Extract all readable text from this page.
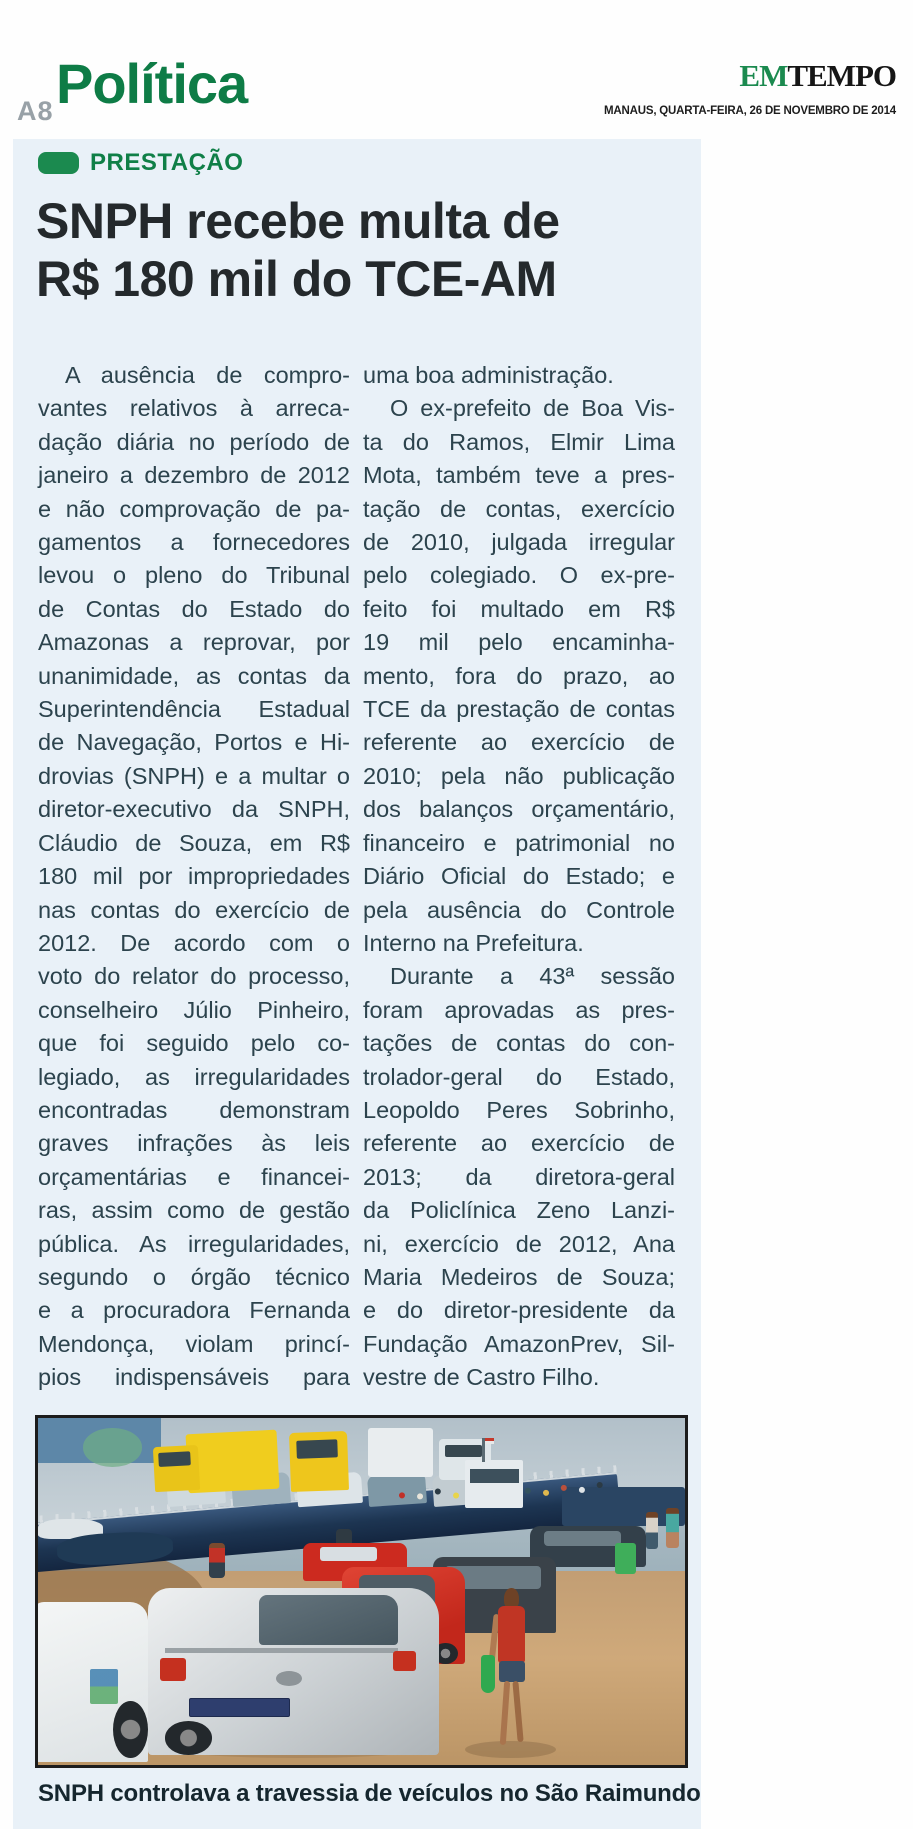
A8 Política	EMTEMPO
MANAUS, QUARTA-FEIRA, 26 DE NOVEMBRO DE 2014
PRESTAÇÃO
SNPH recebe multa de
R$ 180 mil do TCE-AM
A ausência de compro-
vantes relativos à arreca-
dação diária no período de
janeiro a dezembro de 2012
e não comprovação de pa-
gamentos a fornecedores
levou o pleno do Tribunal
de Contas do Estado do
Amazonas a reprovar, por
unanimidade, as contas da
Superintendência Estadual
de Navegação, Portos e Hi-
drovias (SNPH) e a multar o
diretor-executivo da SNPH,
Cláudio de Souza, em R$
180 mil por impropriedades
nas contas do exercício de
2012. De acordo com o
voto do relator do processo,
conselheiro Júlio Pinheiro,
que foi seguido pelo co-
legiado, as irregularidades
encontradas demonstram
graves infrações às leis
orçamentárias e financei-
ras, assim como de gestão
pública. As irregularidades,
segundo o órgão técnico
e a procuradora Fernanda
Mendonça, violam princí-
pios indispensáveis para
uma boa administração.
O ex-prefeito de Boa Vis-
ta do Ramos, Elmir Lima
Mota, também teve a pres-
tação de contas, exercício
de 2010, julgada irregular
pelo colegiado. O ex-pre-
feito foi multado em R$
19 mil pelo encaminha-
mento, fora do prazo, ao
TCE da prestação de contas
referente ao exercício de
2010; pela não publicação
dos balanços orçamentário,
financeiro e patrimonial no
Diário Oficial do Estado; e
pela ausência do Controle
Interno na Prefeitura.
Durante a 43ª sessão
foram aprovadas as pres-
tações de contas do con-
trolador-geral do Estado,
Leopoldo Peres Sobrinho,
referente ao exercício de
2013; da diretora-geral
da Policlínica Zeno Lanzi-
ni, exercício de 2012, Ana
Maria Medeiros de Souza;
e do diretor-presidente da
Fundação AmazonPrev, Sil-
vestre de Castro Filho.
SNPH controlava a travessia de veículos no São Raimundo
